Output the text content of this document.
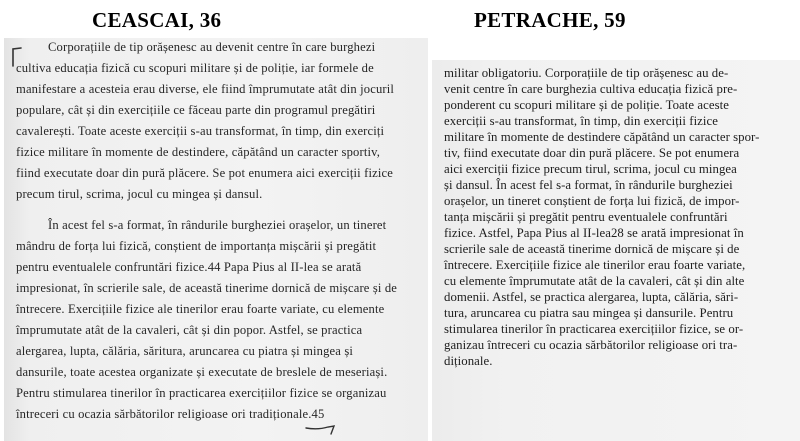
CEASCAI, 36	PETRACHE, 59
Corporațiile de tip orășenesc au devenit centre în care burghezi
cultiva educația fizică cu scopuri militare și de poliție, iar formele de
manifestare a acesteia erau diverse, ele fiind împrumutate atât din jocuril
populare, cât și din exercițiile ce făceau parte din programul pregătiri
cavalerești. Toate aceste exerciții s-au transformat, în timp, din exerciți
fizice militare în momente de destindere, căpătând un caracter sportiv,
fiind executate doar din pură plăcere. Se pot enumera aici exerciții fizice
precum tirul, scrima, jocul cu mingea și dansul.
În acest fel s-a format, în rândurile burgheziei orașelor, un tineret
mândru de forța lui fizică, conștient de importanța mișcării și pregătit
pentru eventualele confruntări fizice.44 Papa Pius al II-lea se arată
impresionat, în scrierile sale, de această tinerime dornică de mișcare și de
întrecere. Exercițiile fizice ale tinerilor erau foarte variate, cu elemente
împrumutate atât de la cavaleri, cât și din popor. Astfel, se practica
alergarea, lupta, călăria, săritura, aruncarea cu piatra și mingea și
dansurile, toate acestea organizate și executate de breslele de meseriași.
Pentru stimularea tinerilor în practicarea exercițiilor fizice se organizau
întreceri cu ocazia sărbătorilor religioase ori tradiționale.45
militar obligatoriu. Corporațiile de tip orășenesc au de-
venit centre în care burghezia cultiva educația fizică pre-
ponderent cu scopuri militare și de poliție. Toate aceste
exerciții s-au transformat, în timp, din exerciții fizice
militare în momente de destindere căpătând un caracter spor-
tiv, fiind executate doar din pură plăcere. Se pot enumera
aici exerciții fizice precum tirul, scrima, jocul cu mingea
și dansul. În acest fel s-a format, în rândurile burgheziei
orașelor, un tineret conștient de forța lui fizică, de impor-
tanța mișcării și pregătit pentru eventualele confruntări
fizice. Astfel, Papa Pius al II-lea28 se arată impresionat în
scrierile sale de această tinerime dornică de mișcare și de
întrecere. Exercițiile fizice ale tinerilor erau foarte variate,
cu elemente împrumutate atât de la cavaleri, cât și din alte
domenii. Astfel, se practica alergarea, lupta, călăria, sări-
tura, aruncarea cu piatra sau mingea și dansurile. Pentru
stimularea tinerilor în practicarea exercițiilor fizice, se or-
ganizau întreceri cu ocazia sărbătorilor religioase ori tra-
diționale.
